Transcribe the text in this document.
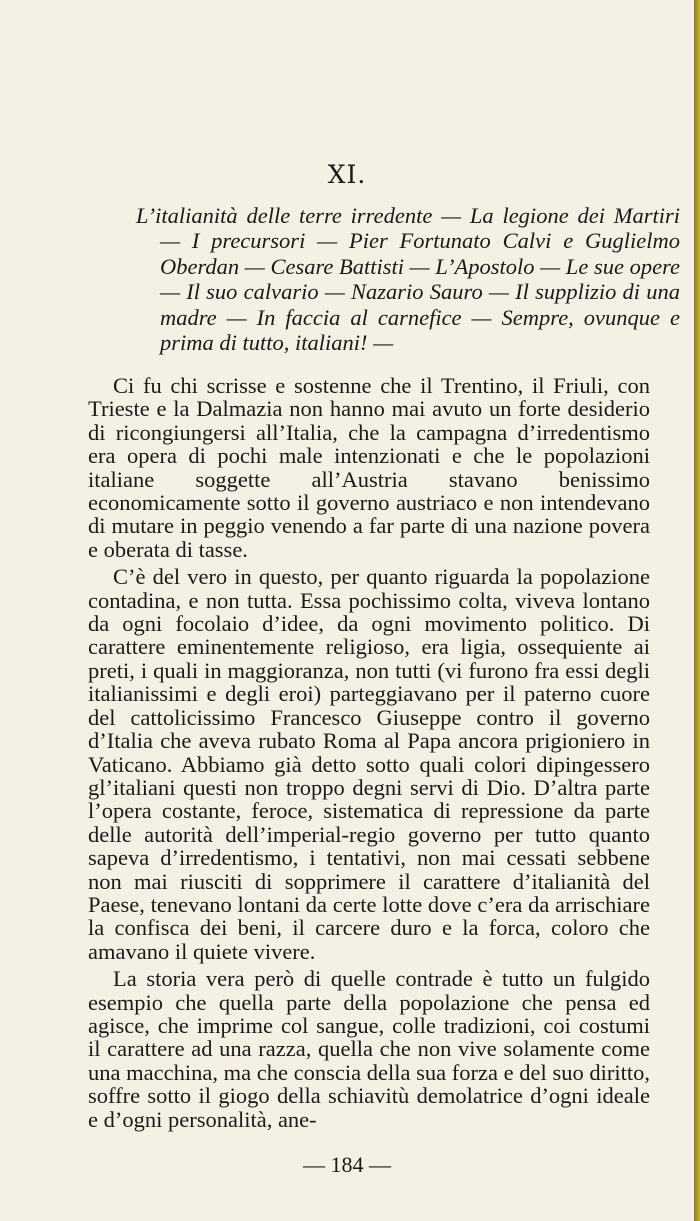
XI.
L’italianità delle terre irredente — La legione dei Martiri — I precursori — Pier Fortunato Calvi e Guglielmo Oberdan — Cesare Battisti — L’Apostolo — Le sue opere — Il suo calvario — Nazario Sauro — Il supplizio di una madre — In faccia al carnefice — Sempre, ovunque e prima di tutto, italiani! —

Ci fu chi scrisse e sostenne che il Trentino, il Friuli, con Trieste e la Dalmazia non hanno mai avuto un forte desiderio di ricongiungersi all’Italia, che la campagna d’irredentismo era opera di pochi male intenzionati e che le popolazioni italiane soggette all’Austria stavano benissimo economicamente sotto il governo austriaco e non intendevano di mutare in peggio venendo a far parte di una nazione povera e oberata di tasse.

C’è del vero in questo, per quanto riguarda la popolazione contadina, e non tutta. Essa pochissimo colta, viveva lontano da ogni focolaio d’idee, da ogni movimento politico. Di carattere eminentemente religioso, era ligia, ossequiente ai preti, i quali in maggioranza, non tutti (vi furono fra essi degli italianissimi e degli eroi) parteggiavano per il paterno cuore del cattolicissimo Francesco Giuseppe contro il governo d’Italia che aveva rubato Roma al Papa ancora prigioniero in Vaticano. Abbiamo già detto sotto quali colori dipingessero gl’italiani questi non troppo degni servi di Dio. D’altra parte l’opera costante, feroce, sistematica di repressione da parte delle autorità dell’imperial-regio governo per tutto quanto sapeva d’irredentismo, i tentativi, non mai cessati sebbene non mai riusciti di sopprimere il carattere d’italianità del Paese, tenevano lontani da certe lotte dove c’era da arrischiare la confisca dei beni, il carcere duro e la forca, coloro che amavano il quiete vivere.

La storia vera però di quelle contrade è tutto un fulgido esempio che quella parte della popolazione che pensa ed agisce, che imprime col sangue, colle tradizioni, coi costumi il carattere ad una razza, quella che non vive solamente come una macchina, ma che conscia della sua forza e del suo diritto, soffre sotto il giogo della schiavitù demolatrice d’ogni ideale e d’ogni personalità, ane-

— 184 —
